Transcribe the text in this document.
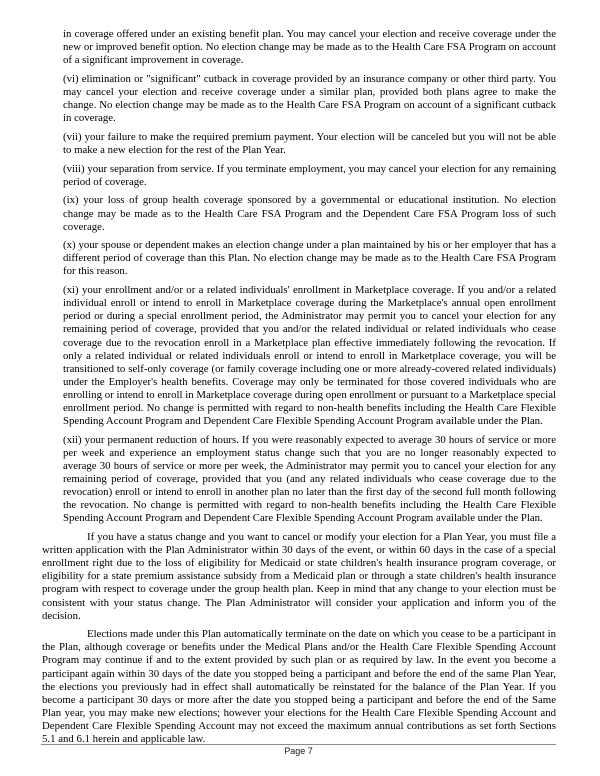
in coverage offered under an existing benefit plan. You may cancel your election and receive coverage under the new or improved benefit option. No election change may be made as to the Health Care FSA Program on account of a significant improvement in coverage.

(vi) elimination or "significant" cutback in coverage provided by an insurance company or other third party. You may cancel your election and receive coverage under a similar plan, provided both plans agree to make the change. No election change may be made as to the Health Care FSA Program on account of a significant cutback in coverage.

(vii) your failure to make the required premium payment. Your election will be canceled but you will not be able to make a new election for the rest of the Plan Year.

(viii) your separation from service. If you terminate employment, you may cancel your election for any remaining period of coverage.

(ix) your loss of group health coverage sponsored by a governmental or educational institution. No election change may be made as to the Health Care FSA Program and the Dependent Care FSA Program loss of such coverage.

(x) your spouse or dependent makes an election change under a plan maintained by his or her employer that has a different period of coverage than this Plan. No election change may be made as to the Health Care FSA Program for this reason.

(xi) your enrollment and/or or a related individuals' enrollment in Marketplace coverage. If you and/or a related individual enroll or intend to enroll in Marketplace coverage during the Marketplace's annual open enrollment period or during a special enrollment period, the Administrator may permit you to cancel your election for any remaining period of coverage, provided that you and/or the related individual or related individuals who cease coverage due to the revocation enroll in a Marketplace plan effective immediately following the revocation. If only a related individual or related individuals enroll or intend to enroll in Marketplace coverage, you will be transitioned to self-only coverage (or family coverage including one or more already-covered related individuals) under the Employer's health benefits. Coverage may only be terminated for those covered individuals who are enrolling or intend to enroll in Marketplace coverage during open enrollment or pursuant to a Marketplace special enrollment period. No change is permitted with regard to non-health benefits including the Health Care Flexible Spending Account Program and Dependent Care Flexible Spending Account Program available under the Plan.

(xii) your permanent reduction of hours. If you were reasonably expected to average 30 hours of service or more per week and experience an employment status change such that you are no longer reasonably expected to average 30 hours of service or more per week, the Administrator may permit you to cancel your election for any remaining period of coverage, provided that you (and any related individuals who cease coverage due to the revocation) enroll or intend to enroll in another plan no later than the first day of the second full month following the revocation. No change is permitted with regard to non-health benefits including the Health Care Flexible Spending Account Program and Dependent Care Flexible Spending Account Program available under the Plan.

If you have a status change and you want to cancel or modify your election for a Plan Year, you must file a written application with the Plan Administrator within 30 days of the event, or within 60 days in the case of a special enrollment right due to the loss of eligibility for Medicaid or state children's health insurance program coverage, or eligibility for a state premium assistance subsidy from a Medicaid plan or through a state children's health insurance program with respect to coverage under the group health plan. Keep in mind that any change to your election must be consistent with your status change. The Plan Administrator will consider your application and inform you of the decision.

Elections made under this Plan automatically terminate on the date on which you cease to be a participant in the Plan, although coverage or benefits under the Medical Plans and/or the Health Care Flexible Spending Account Program may continue if and to the extent provided by such plan or as required by law. In the event you become a participant again within 30 days of the date you stopped being a participant and before the end of the same Plan Year, the elections you previously had in effect shall automatically be reinstated for the balance of the Plan Year. If you become a participant 30 days or more after the date you stopped being a participant and before the end of the Same Plan year, you may make new elections; however your elections for the Health Care Flexible Spending Account and Dependent Care Flexible Spending Account may not exceed the maximum annual contributions as set forth Sections 5.1 and 6.1 herein and applicable law.

Page 7
